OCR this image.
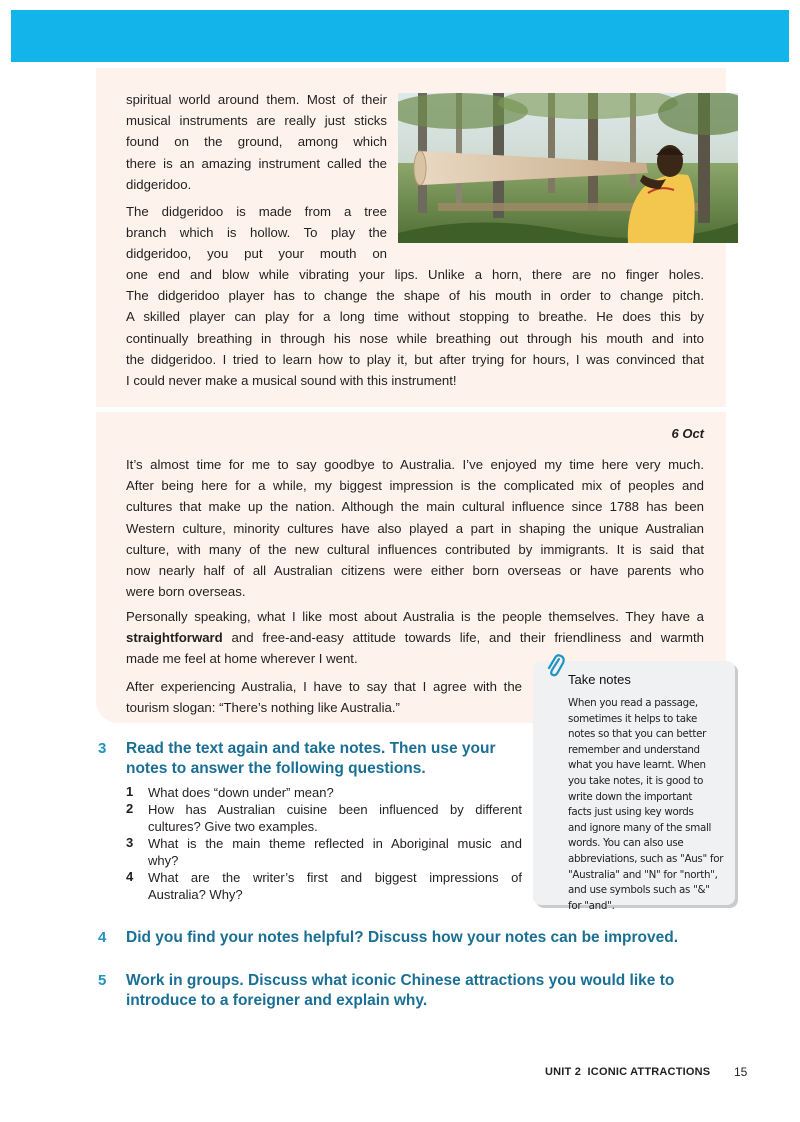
spiritual world around them. Most of their
musical instruments are really just sticks
found on the ground, among which
there is an amazing instrument called the
didgeridoo.
The didgeridoo is made from a tree
branch which is hollow. To play the
didgeridoo, you put your mouth on
one end and blow while vibrating your lips. Unlike a horn, there are no finger holes.
The didgeridoo player has to change the shape of his mouth in order to change pitch.
A skilled player can play for a long time without stopping to breathe. He does this by
continually breathing in through his nose while breathing out through his mouth and into
the didgeridoo. I tried to learn how to play it, but after trying for hours, I was convinced that
I could never make a musical sound with this instrument!
6 Oct
It’s almost time for me to say goodbye to Australia. I’ve enjoyed my time here very much.
After being here for a while, my biggest impression is the complicated mix of peoples and
cultures that make up the nation. Although the main cultural influence since 1788 has been
Western culture, minority cultures have also played a part in shaping the unique Australian
culture, with many of the new cultural influences contributed by immigrants. It is said that
now nearly half of all Australian citizens were either born overseas or have parents who
were born overseas.
Personally speaking, what I like most about Australia is the people themselves. They have a
straightforward and free-and-easy attitude towards life, and their friendliness and warmth
made me feel at home wherever I went.
After experiencing Australia, I have to say that I agree with the
tourism slogan: “There’s nothing like Australia.”
Take notes
When you read a passage,
sometimes it helps to take
notes so that you can better
remember and understand
what you have learnt. When
you take notes, it is good to
write down the important
facts just using key words
and ignore many of the small
words. You can also use
abbreviations, such as "Aus" for
"Australia" and "N" for "north",
and use symbols such as "&"
for "and".
3 Read the text again and take notes. Then use your
notes to answer the following questions.
1 What does “down under” mean?
2 How has Australian cuisine been influenced by different
cultures? Give two examples.
3 What is the main theme reflected in Aboriginal music and
why?
4 What are the writer’s first and biggest impressions of
Australia? Why?
4 Did you find your notes helpful? Discuss how your notes can be improved.
5 Work in groups. Discuss what iconic Chinese attractions you would like to
introduce to a foreigner and explain why.
UNIT 2  ICONIC ATTRACTIONS 15
